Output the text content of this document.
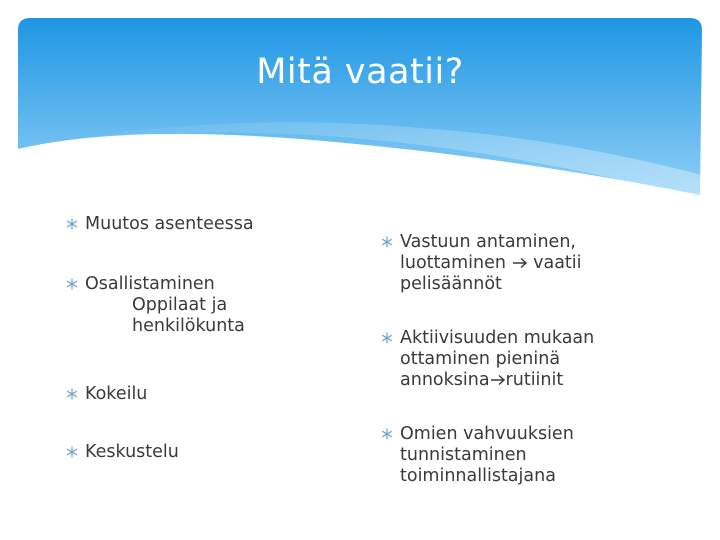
Mitä vaatii?
Muutos asenteessa
Osallistaminen
Oppilaat ja henkilökunta
Kokeilu
Keskustelu
Vastuun antaminen,
luottaminen vaatii
pelisäännöt
Aktiivisuuden mukaan
ottaminen pieninä
annoksina rutiinit
Omien vahvuuksien
tunnistaminen
toiminnallistajana
